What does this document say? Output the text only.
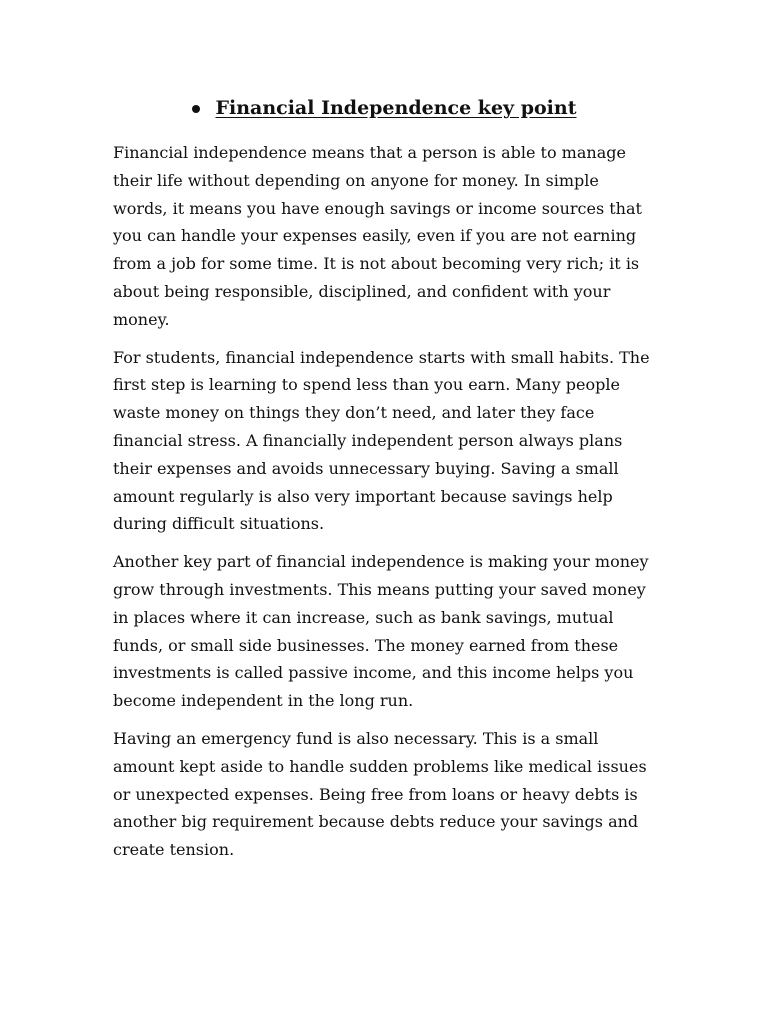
Financial Independence key point

Financial independence means that a person is able to manage their life without depending on anyone for money. In simple words, it means you have enough savings or income sources that you can handle your expenses easily, even if you are not earning from a job for some time. It is not about becoming very rich; it is about being responsible, disciplined, and confident with your money.

For students, financial independence starts with small habits. The first step is learning to spend less than you earn. Many people waste money on things they don’t need, and later they face financial stress. A financially independent person always plans their expenses and avoids unnecessary buying. Saving a small amount regularly is also very important because savings help during difficult situations.

Another key part of financial independence is making your money grow through investments. This means putting your saved money in places where it can increase, such as bank savings, mutual funds, or small side businesses. The money earned from these investments is called passive income, and this income helps you become independent in the long run.

Having an emergency fund is also necessary. This is a small amount kept aside to handle sudden problems like medical issues or unexpected expenses. Being free from loans or heavy debts is another big requirement because debts reduce your savings and create tension.
